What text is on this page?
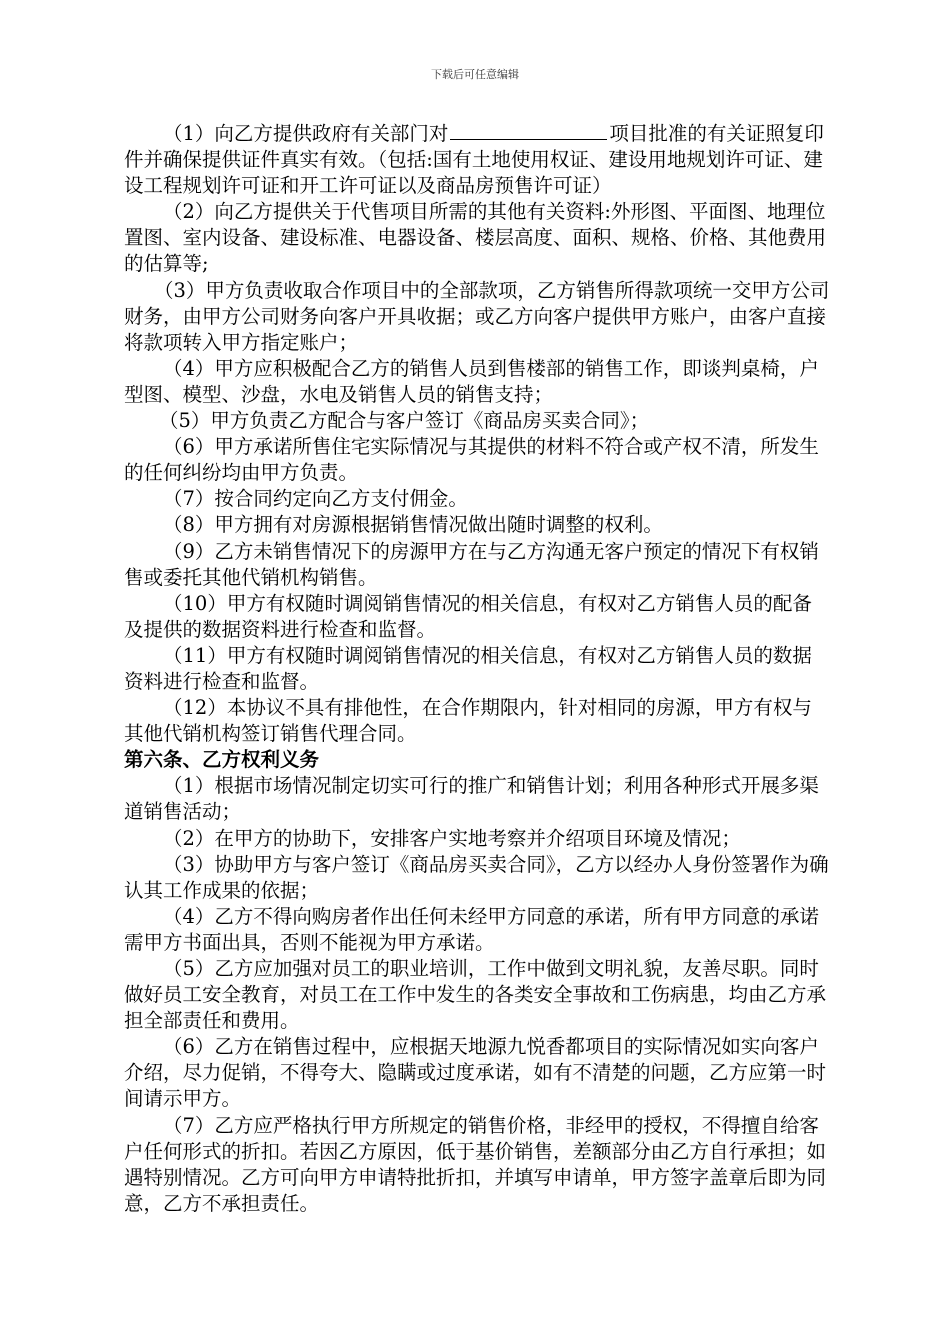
下载后可任意编辑

（1）向乙方提供政府有关部门对	项目批准的有关证照复印件并确保提供证件真实有效。（包括:国有土地使用权证、建设用地规划许可证、建设工程规划许可证和开工许可证以及商品房预售许可证）

（2）向乙方提供关于代售项目所需的其他有关资料:外形图、平面图、地理位置图、室内设备、建设标准、电器设备、楼层高度、面积、规格、价格、其他费用的估算等;

（3）甲方负责收取合作项目中的全部款项，乙方销售所得款项统一交甲方公司财务，由甲方公司财务向客户开具收据；或乙方向客户提供甲方账户，由客户直接将款项转入甲方指定账户；

（4）甲方应积极配合乙方的销售人员到售楼部的销售工作，即谈判桌椅，户型图、模型、沙盘，水电及销售人员的销售支持；

（5）甲方负责乙方配合与客户签订《商品房买卖合同》；

（6）甲方承诺所售住宅实际情况与其提供的材料不符合或产权不清，所发生的任何纠纷均由甲方负责。

（7）按合同约定向乙方支付佣金。

（8）甲方拥有对房源根据销售情况做出随时调整的权利。

（9）乙方未销售情况下的房源甲方在与乙方沟通无客户预定的情况下有权销售或委托其他代销机构销售。

（10）甲方有权随时调阅销售情况的相关信息，有权对乙方销售人员的配备及提供的数据资料进行检查和监督。

（11）甲方有权随时调阅销售情况的相关信息，有权对乙方销售人员的数据资料进行检查和监督。

（12）本协议不具有排他性，在合作期限内，针对相同的房源，甲方有权与其他代销机构签订销售代理合同。

第六条、乙方权利义务

（1）根据市场情况制定切实可行的推广和销售计划；利用各种形式开展多渠道销售活动；

（2）在甲方的协助下，安排客户实地考察并介绍项目环境及情况；

（3）协助甲方与客户签订《商品房买卖合同》，乙方以经办人身份签署作为确认其工作成果的依据；

（4）乙方不得向购房者作出任何未经甲方同意的承诺，所有甲方同意的承诺需甲方书面出具，否则不能视为甲方承诺。

（5）乙方应加强对员工的职业培训，工作中做到文明礼貌，友善尽职。同时做好员工安全教育，对员工在工作中发生的各类安全事故和工伤病患，均由乙方承担全部责任和费用。

（6）乙方在销售过程中，应根据天地源九悦香都项目的实际情况如实向客户介绍，尽力促销，不得夸大、隐瞒或过度承诺，如有不清楚的问题，乙方应第一时间请示甲方。

（7）乙方应严格执行甲方所规定的销售价格，非经甲的授权，不得擅自给客户任何形式的折扣。若因乙方原因，低于基价销售，差额部分由乙方自行承担；如遇特别情况。乙方可向甲方申请特批折扣，并填写申请单，甲方签字盖章后即为同意，乙方不承担责任。
